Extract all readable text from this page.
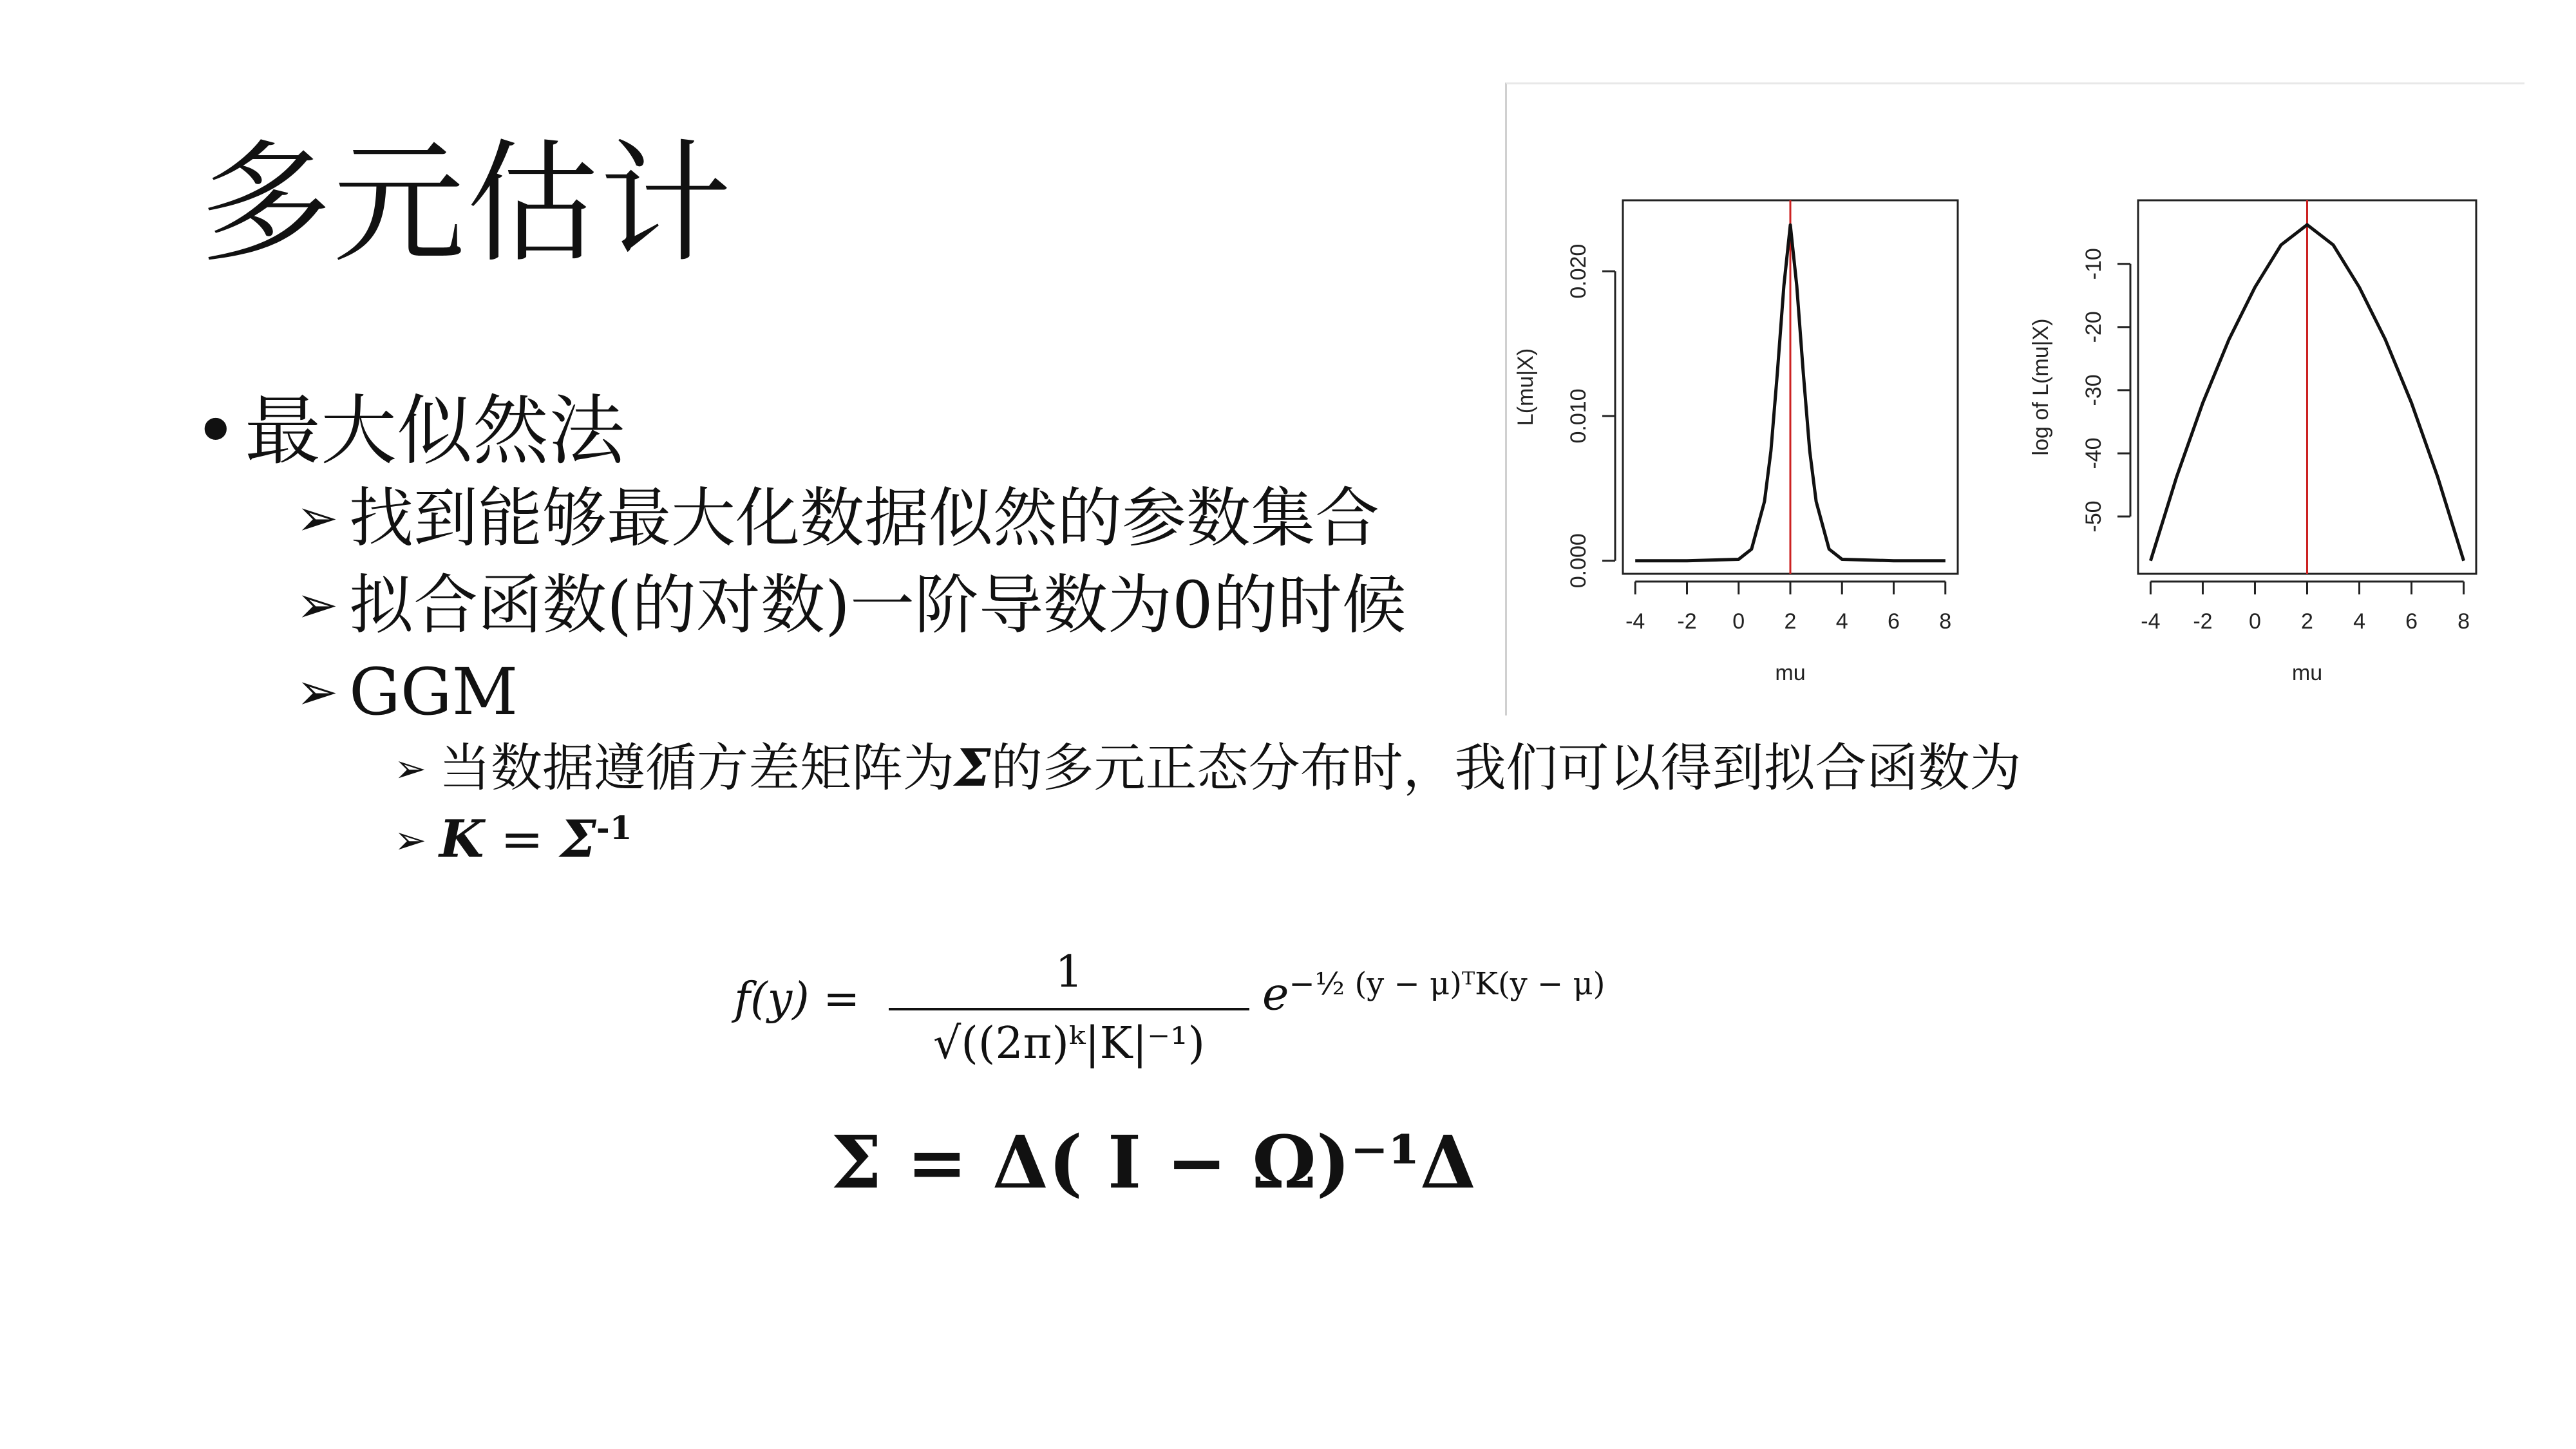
多元估计
•最大似然法
➢ 找到能够最大化数据似然的参数集合
➢ 拟合函数(的对数)一阶导数为0的时候
➢ GGM
➢ 当数据遵循方差矩阵为Σ的多元正态分布时，我们可以得到拟合函数为
➢ $K = \Sigma^{-1}$
f(y) =
1
√((2π)ᵏ|K|⁻¹)
$e^{-\frac{1}{2} (y - \mu)ᵀK(y - \mu)}$
Σ = Δ( I − Ω)⁻¹Δ
-4 -2 0 2 4 6 8
0.000
0.010
0.020
mu
L(mu|X)
-4 -2 0 2 4 6 8
-50
-40
-30
-20
-10
mu
log of L(mu|X)
